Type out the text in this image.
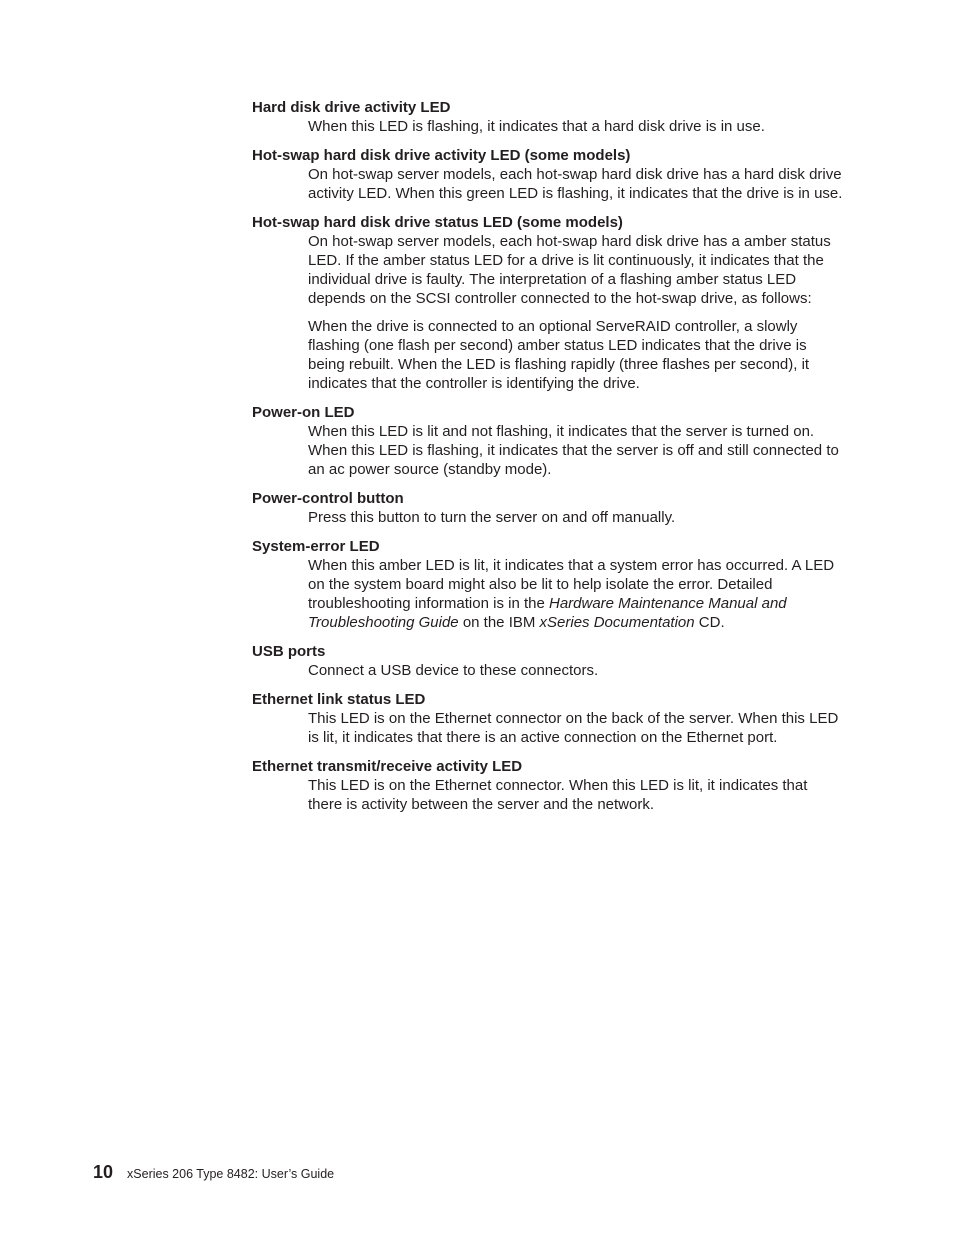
Hard disk drive activity LED

When this LED is flashing, it indicates that a hard disk drive is in use.

Hot-swap hard disk drive activity LED (some models)

On hot-swap server models, each hot-swap hard disk drive has a hard disk drive activity LED. When this green LED is flashing, it indicates that the drive is in use.

Hot-swap hard disk drive status LED (some models)

On hot-swap server models, each hot-swap hard disk drive has a amber status LED. If the amber status LED for a drive is lit continuously, it indicates that the individual drive is faulty. The interpretation of a flashing amber status LED depends on the SCSI controller connected to the hot-swap drive, as follows:

When the drive is connected to an optional ServeRAID controller, a slowly flashing (one flash per second) amber status LED indicates that the drive is being rebuilt. When the LED is flashing rapidly (three flashes per second), it indicates that the controller is identifying the drive.

Power-on LED

When this LED is lit and not flashing, it indicates that the server is turned on. When this LED is flashing, it indicates that the server is off and still connected to an ac power source (standby mode).

Power-control button

Press this button to turn the server on and off manually.

System-error LED

When this amber LED is lit, it indicates that a system error has occurred. A LED on the system board might also be lit to help isolate the error. Detailed troubleshooting information is in the Hardware Maintenance Manual and Troubleshooting Guide on the IBM xSeries Documentation CD.

USB ports

Connect a USB device to these connectors.

Ethernet link status LED

This LED is on the Ethernet connector on the back of the server. When this LED is lit, it indicates that there is an active connection on the Ethernet port.

Ethernet transmit/receive activity LED

This LED is on the Ethernet connector. When this LED is lit, it indicates that there is activity between the server and the network.

10 xSeries 206 Type 8482: User’s Guide
